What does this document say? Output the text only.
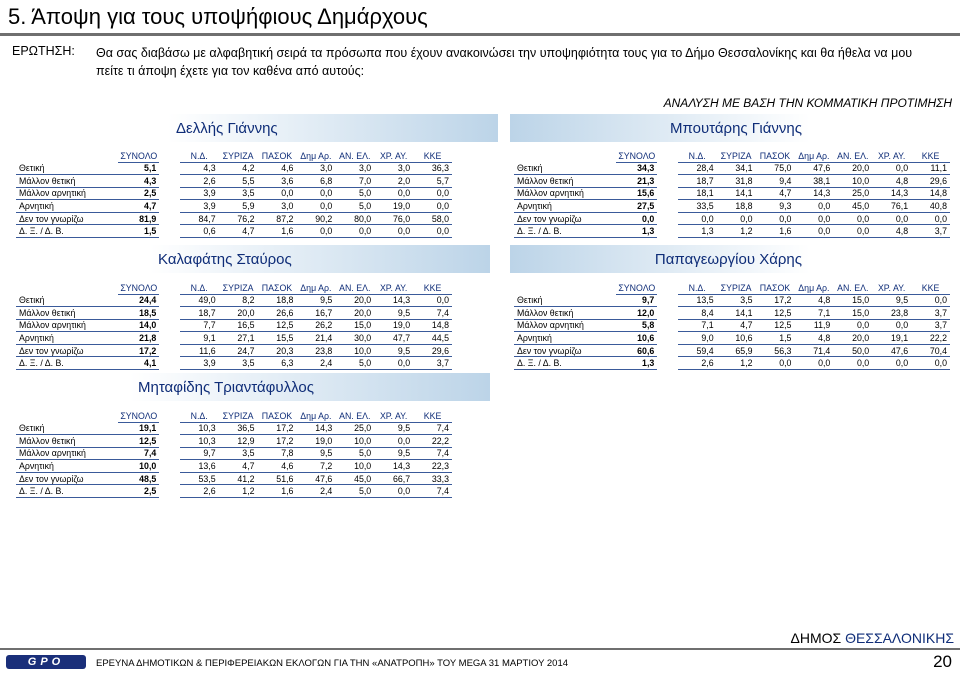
5. Άποψη για τους υποψήφιους Δημάρχους
ΕΡΩΤΗΣΗ: Θα σας διαβάσω με αλφαβητική σειρά τα πρόσωπα που έχουν ανακοινώσει την υποψηφιότητα τους για το Δήμο Θεσσαλονίκης και θα ήθελα να μου πείτε τι άποψη έχετε για τον καθένα από αυτούς:
ΑΝΑΛΥΣΗ ΜΕ ΒΑΣΗ ΤΗΝ ΚΟΜΜΑΤΙΚΗ ΠΡΟΤΙΜΗΣΗ
Δελλής Γιάννης	Μπουτάρης Γιάννης
Καλαφάτης Σταύρος	Παπαγεωργίου Χάρης
Μηταφίδης Τριαντάφυλλος
	ΣΥΝΟΛΟ		Ν.Δ.	ΣΥΡΙΖΑ	ΠΑΣΟΚ	Δημ Αρ.	ΑΝ. ΕΛ.	ΧΡ. ΑΥ.	ΚΚΕ
Θετική	5,1		4,3	4,2	4,6	3,0	3,0	3,0	36,3
Μάλλον θετική	4,3		2,6	5,5	3,6	6,8	7,0	2,0	5,7
Μάλλον αρνητική	2,5		3,9	3,5	0,0	0,0	5,0	0,0	0,0
Αρνητική	4,7		3,9	5,9	3,0	0,0	5,0	19,0	0,0
Δεν τον γνωρίζω	81,9		84,7	76,2	87,2	90,2	80,0	76,0	58,0
Δ. Ξ. / Δ. Β.	1,5		0,6	4,7	1,6	0,0	0,0	0,0	0,0
	ΣΥΝΟΛΟ		Ν.Δ.	ΣΥΡΙΖΑ	ΠΑΣΟΚ	Δημ Αρ.	ΑΝ. ΕΛ.	ΧΡ. ΑΥ.	ΚΚΕ
Θετική	34,3		28,4	34,1	75,0	47,6	20,0	0,0	11,1
Μάλλον θετική	21,3		18,7	31,8	9,4	38,1	10,0	4,8	29,6
Μάλλον αρνητική	15,6		18,1	14,1	4,7	14,3	25,0	14,3	14,8
Αρνητική	27,5		33,5	18,8	9,3	0,0	45,0	76,1	40,8
Δεν τον γνωρίζω	0,0		0,0	0,0	0,0	0,0	0,0	0,0	0,0
Δ. Ξ. / Δ. Β.	1,3		1,3	1,2	1,6	0,0	0,0	4,8	3,7
	ΣΥΝΟΛΟ		Ν.Δ.	ΣΥΡΙΖΑ	ΠΑΣΟΚ	Δημ Αρ.	ΑΝ. ΕΛ.	ΧΡ. ΑΥ.	ΚΚΕ
Θετική	24,4		49,0	8,2	18,8	9,5	20,0	14,3	0,0
Μάλλον θετική	18,5		18,7	20,0	26,6	16,7	20,0	9,5	7,4
Μάλλον αρνητική	14,0		7,7	16,5	12,5	26,2	15,0	19,0	14,8
Αρνητική	21,8		9,1	27,1	15,5	21,4	30,0	47,7	44,5
Δεν τον γνωρίζω	17,2		11,6	24,7	20,3	23,8	10,0	9,5	29,6
Δ. Ξ. / Δ. Β.	4,1		3,9	3,5	6,3	2,4	5,0	0,0	3,7
	ΣΥΝΟΛΟ		Ν.Δ.	ΣΥΡΙΖΑ	ΠΑΣΟΚ	Δημ Αρ.	ΑΝ. ΕΛ.	ΧΡ. ΑΥ.	ΚΚΕ
Θετική	9,7		13,5	3,5	17,2	4,8	15,0	9,5	0,0
Μάλλον θετική	12,0		8,4	14,1	12,5	7,1	15,0	23,8	3,7
Μάλλον αρνητική	5,8		7,1	4,7	12,5	11,9	0,0	0,0	3,7
Αρνητική	10,6		9,0	10,6	1,5	4,8	20,0	19,1	22,2
Δεν τον γνωρίζω	60,6		59,4	65,9	56,3	71,4	50,0	47,6	70,4
Δ. Ξ. / Δ. Β.	1,3		2,6	1,2	0,0	0,0	0,0	0,0	0,0
	ΣΥΝΟΛΟ		Ν.Δ.	ΣΥΡΙΖΑ	ΠΑΣΟΚ	Δημ Αρ.	ΑΝ. ΕΛ.	ΧΡ. ΑΥ.	ΚΚΕ
Θετική	19,1		10,3	36,5	17,2	14,3	25,0	9,5	7,4
Μάλλον θετική	12,5		10,3	12,9	17,2	19,0	10,0	0,0	22,2
Μάλλον αρνητική	7,4		9,7	3,5	7,8	9,5	5,0	9,5	7,4
Αρνητική	10,0		13,6	4,7	4,6	7,2	10,0	14,3	22,3
Δεν τον γνωρίζω	48,5		53,5	41,2	51,6	47,6	45,0	66,7	33,3
Δ. Ξ. / Δ. Β.	2,5		2,6	1,2	1,6	2,4	5,0	0,0	7,4
ΔΗΜΟΣ ΘΕΣΣΑΛΟΝΙΚΗΣ
GPO	ΕΡΕΥΝΑ ΔΗΜΟΤΙΚΩΝ & ΠΕΡΙΦΕΡΕΙΑΚΩΝ ΕΚΛΟΓΩΝ ΓΙΑ ΤΗΝ «ΑΝΑΤΡΟΠΗ» ΤΟΥ MEGA 31 ΜΑΡΤΙΟΥ 2014	20
